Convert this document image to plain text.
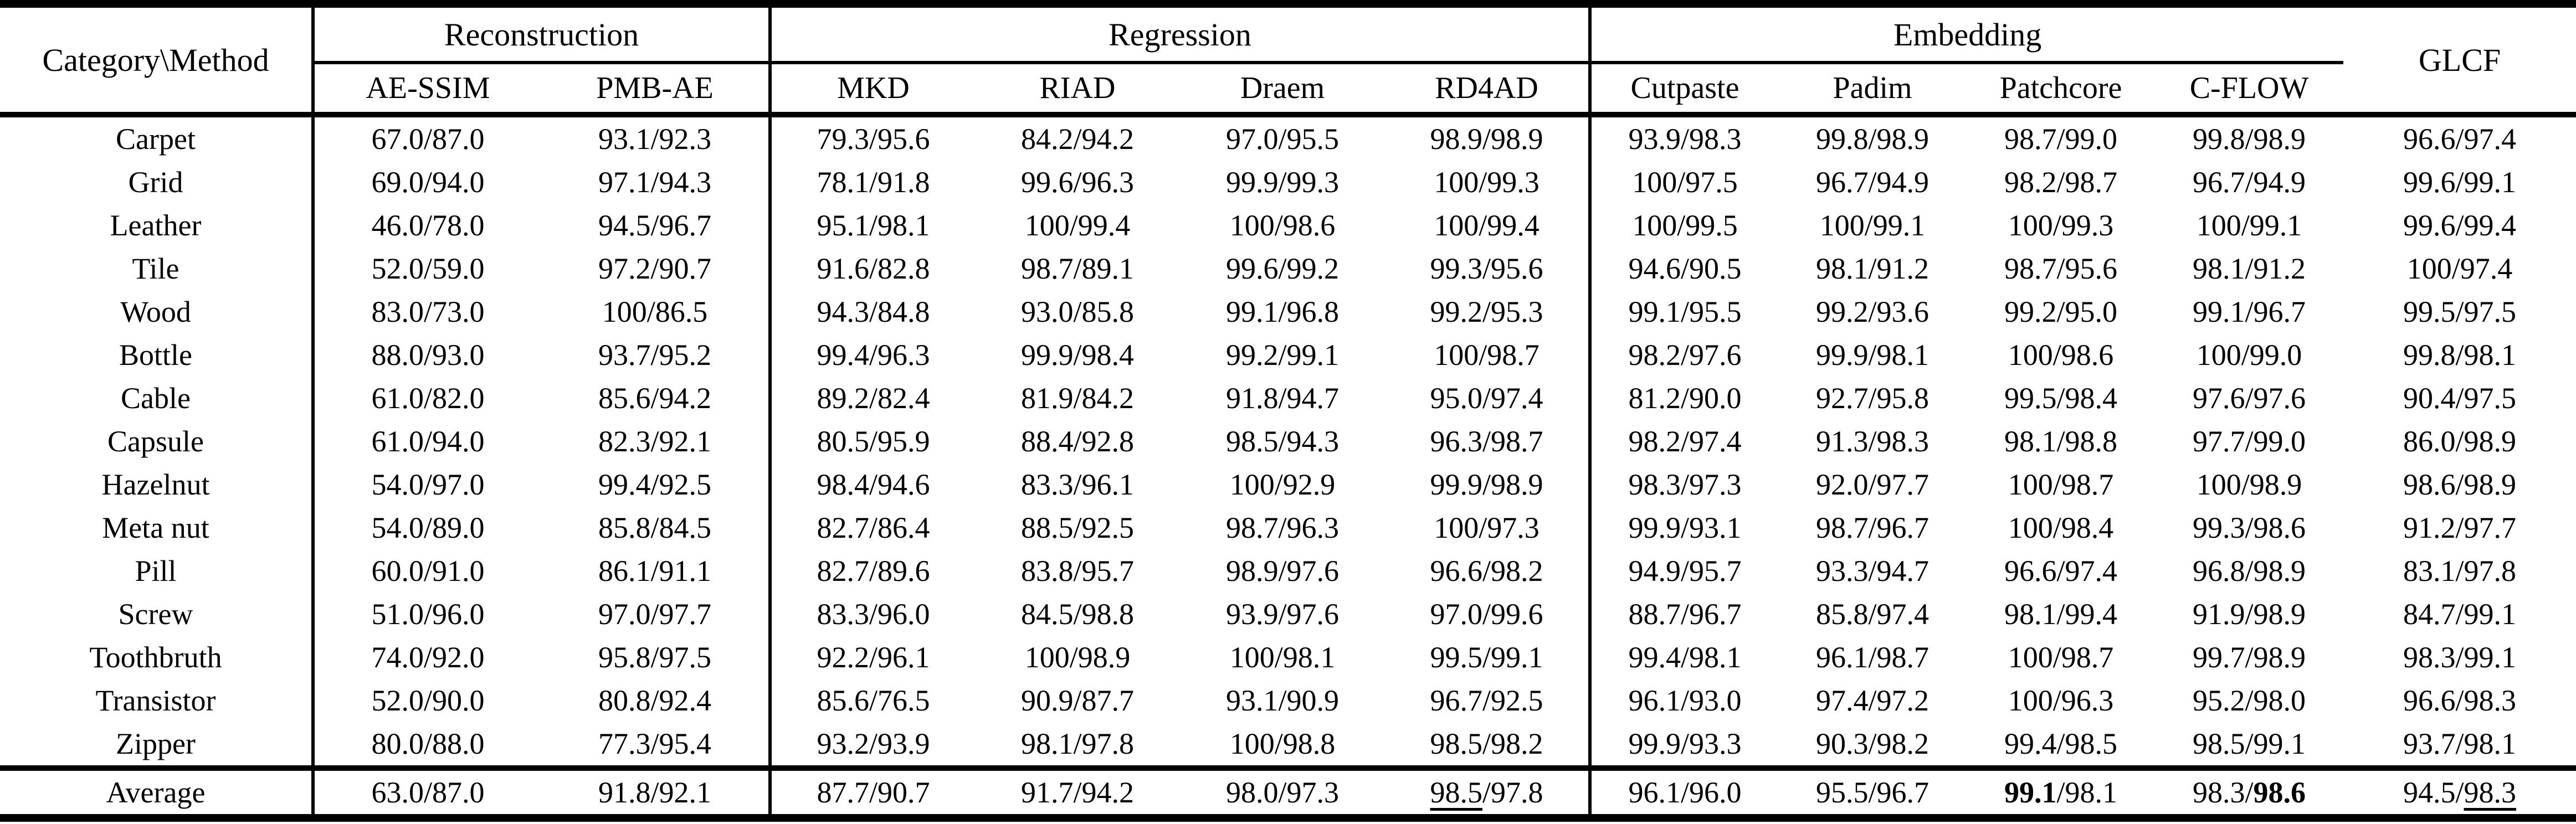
Category\Method	Reconstruction		Regression				Embedding				GLCF
	AE-SSIM	PMB-AE	MKD	RIAD	Draem	RD4AD	Cutpaste	Padim	Patchcore	C-FLOW	
Carpet	67.0/87.0	93.1/92.3	79.3/95.6	84.2/94.2	97.0/95.5	98.9/98.9	93.9/98.3	99.8/98.9	98.7/99.0	99.8/98.9	96.6/97.4
Grid	69.0/94.0	97.1/94.3	78.1/91.8	99.6/96.3	99.9/99.3	100/99.3	100/97.5	96.7/94.9	98.2/98.7	96.7/94.9	99.6/99.1
Leather	46.0/78.0	94.5/96.7	95.1/98.1	100/99.4	100/98.6	100/99.4	100/99.5	100/99.1	100/99.3	100/99.1	99.6/99.4
Tile	52.0/59.0	97.2/90.7	91.6/82.8	98.7/89.1	99.6/99.2	99.3/95.6	94.6/90.5	98.1/91.2	98.7/95.6	98.1/91.2	100/97.4
Wood	83.0/73.0	100/86.5	94.3/84.8	93.0/85.8	99.1/96.8	99.2/95.3	99.1/95.5	99.2/93.6	99.2/95.0	99.1/96.7	99.5/97.5
Bottle	88.0/93.0	93.7/95.2	99.4/96.3	99.9/98.4	99.2/99.1	100/98.7	98.2/97.6	99.9/98.1	100/98.6	100/99.0	99.8/98.1
Cable	61.0/82.0	85.6/94.2	89.2/82.4	81.9/84.2	91.8/94.7	95.0/97.4	81.2/90.0	92.7/95.8	99.5/98.4	97.6/97.6	90.4/97.5
Capsule	61.0/94.0	82.3/92.1	80.5/95.9	88.4/92.8	98.5/94.3	96.3/98.7	98.2/97.4	91.3/98.3	98.1/98.8	97.7/99.0	86.0/98.9
Hazelnut	54.0/97.0	99.4/92.5	98.4/94.6	83.3/96.1	100/92.9	99.9/98.9	98.3/97.3	92.0/97.7	100/98.7	100/98.9	98.6/98.9
Meta nut	54.0/89.0	85.8/84.5	82.7/86.4	88.5/92.5	98.7/96.3	100/97.3	99.9/93.1	98.7/96.7	100/98.4	99.3/98.6	91.2/97.7
Pill	60.0/91.0	86.1/91.1	82.7/89.6	83.8/95.7	98.9/97.6	96.6/98.2	94.9/95.7	93.3/94.7	96.6/97.4	96.8/98.9	83.1/97.8
Screw	51.0/96.0	97.0/97.7	83.3/96.0	84.5/98.8	93.9/97.6	97.0/99.6	88.7/96.7	85.8/97.4	98.1/99.4	91.9/98.9	84.7/99.1
Toothbruth	74.0/92.0	95.8/97.5	92.2/96.1	100/98.9	100/98.1	99.5/99.1	99.4/98.1	96.1/98.7	100/98.7	99.7/98.9	98.3/99.1
Transistor	52.0/90.0	80.8/92.4	85.6/76.5	90.9/87.7	93.1/90.9	96.7/92.5	96.1/93.0	97.4/97.2	100/96.3	95.2/98.0	96.6/98.3
Zipper	80.0/88.0	77.3/95.4	93.2/93.9	98.1/97.8	100/98.8	98.5/98.2	99.9/93.3	90.3/98.2	99.4/98.5	98.5/99.1	93.7/98.1
Average	63.0/87.0	91.8/92.1	87.7/90.7	91.7/94.2	98.0/97.3	98.5/97.8	96.1/96.0	95.5/96.7	99.1/98.1	98.3/98.6	94.5/98.3
